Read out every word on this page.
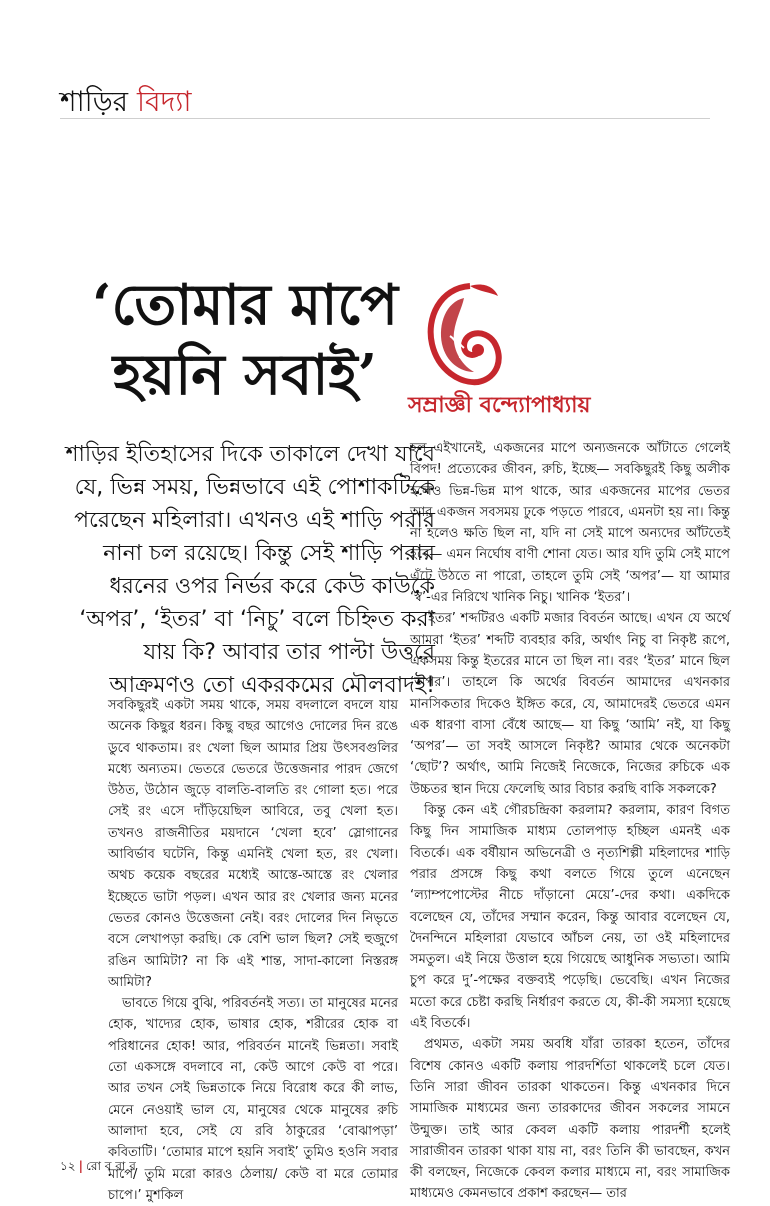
শাড়ির বিদ্যা
‘তোমার মাপে হয়নি সবাই’	সম্রাজ্ঞী বন্দ্যোপাধ্যায়
শাড়ির ইতিহাসের দিকে তাকালে দেখা যাবে যে, ভিন্ন সময়, ভিন্নভাবে এই পোশাকটিকে পরেছেন মহিলারা। এখনও এই শাড়ি পরার নানা চল রয়েছে। কিন্তু সেই শাড়ি পরার ধরনের ওপর নির্ভর করে কেউ কাউকে ‘অপর’, ‘ইতর’ বা ‘নিচু’ বলে চিহ্নিত করা যায় কি? আবার তার পাল্টা উত্তরে আক্রমণও তো একরকমের মৌলবাদই!

সবকিছুরই একটা সময় থাকে, সময় বদলালে বদলে যায় অনেক কিছুর ধরন। কিছু বছর আগেও দোলের দিন রঙে ডুবে থাকতাম। রং খেলা ছিল আমার প্রিয় উৎসবগুলির মধ্যে অন্যতম। ভেতরে ভেতরে উত্তেজনার পারদ জেগে উঠত, উঠোন জুড়ে বালতি-বালতি রং গোলা হত। পরে সেই রং এসে দাঁড়িয়েছিল আবিরে, তবু খেলা হত। তখনও রাজনীতির ময়দানে ‘খেলা হবে’ স্লোগানের আবির্ভাব ঘটেনি, কিন্তু এমনিই খেলা হত, রং খেলা। অথচ কয়েক বছরের মধ্যেই আস্তে-আস্তে রং খেলার ইচ্ছেতে ভাটা পড়ল। এখন আর রং খেলার জন্য মনের ভেতর কোনও উত্তেজনা নেই। বরং দোলের দিন নিভৃতে বসে লেখাপড়া করছি। কে বেশি ভাল ছিল? সেই হুজুগে রঙিন আমিটা? না কি এই শান্ত, সাদা-কালো নিস্তরঙ্গ আমিটা?

ভাবতে গিয়ে বুঝি, পরিবর্তনই সত্য। তা মানুষের মনের হোক, খাদ্যের হোক, ভাষার হোক, শরীরের হোক বা পরিধানের হোক! আর, পরিবর্তন মানেই ভিন্নতা। সবাই তো একসঙ্গে বদলাবে না, কেউ আগে কেউ বা পরে। আর তখন সেই ভিন্নতাকে নিয়ে বিরোধ করে কী লাভ, মেনে নেওয়াই ভাল যে, মানুষের থেকে মানুষের রুচি আলাদা হবে, সেই যে রবি ঠাকুরের ‘বোঝাপড়া’ কবিতাটি। ‘তোমার মাপে হয়নি সবাই’ তুমিও হওনি সবার মাপে/ তুমি মরো কারও ঠেলায়/ কেউ বা মরে তোমার চাপে।’ মুশকিল

হল এইখানেই, একজনের মাপে অন্যজনকে আঁটাতে গেলেই বিপদ! প্রত্যেকের জীবন, রুচি, ইচ্ছে— সবকিছুরই কিছু অলীক হলেও ভিন্ন-ভিন্ন মাপ থাকে, আর একজনের মাপের ভেতর আর একজন সবসময় ঢুকে পড়তে পারবে, এমনটা হয় না। কিন্তু না হলেও ক্ষতি ছিল না, যদি না সেই মাপে অন্যদের আঁটতেই হবে— এমন নির্ঘোষ বাণী শোনা যেত। আর যদি তুমি সেই মাপে এঁটে উঠতে না পারো, তাহলে তুমি সেই ‘অপর’— যা আমার ‘স্ব’-এর নিরিখে খানিক নিচু। খানিক ‘ইতর’।

‘ইতর’ শব্দটিরও একটি মজার বিবর্তন আছে। এখন যে অর্থে আমরা ‘ইতর’ শব্দটি ব্যবহার করি, অর্থাৎ নিচু বা নিকৃষ্ট রূপে, একসময় কিন্তু ইতরের মানে তা ছিল না। বরং ‘ইতর’ মানে ছিল ‘অপর’। তাহলে কি অর্থের বিবর্তন আমাদের এখনকার মানসিকতার দিকেও ইঙ্গিত করে, যে, আমাদেরই ভেতরে এমন এক ধারণা বাসা বেঁধে আছে— যা কিছু ‘আমি’ নই, যা কিছু ‘অপর’— তা সবই আসলে নিকৃষ্ট? আমার থেকে অনেকটা ‘ছোট’? অর্থাৎ, আমি নিজেই নিজেকে, নিজের রুচিকে এক উচ্চতর স্থান দিয়ে ফেলেছি আর বিচার করছি বাকি সকলকে?

কিন্তু কেন এই গৌরচন্দ্রিকা করলাম? করলাম, কারণ বিগত কিছু দিন সামাজিক মাধ্যম তোলপাড় হচ্ছিল এমনই এক বিতর্কে। এক বর্ষীয়ান অভিনেত্রী ও নৃত্যশিল্পী মহিলাদের শাড়ি পরার প্রসঙ্গে কিছু কথা বলতে গিয়ে তুলে এনেছেন ‘ল্যাম্পপোস্টের নীচে দাঁড়ানো মেয়ে’-দের কথা। একদিকে বলেছেন যে, তাঁদের সম্মান করেন, কিন্তু আবার বলেছেন যে, দৈনন্দিনে মহিলারা যেভাবে আঁচল নেয়, তা ওই মহিলাদের সমতুল। এই নিয়ে উত্তাল হয়ে গিয়েছে আধুনিক সভ্যতা। আমি চুপ করে দু’-পক্ষের বক্তব্যই পড়েছি। ভেবেছি। এখন নিজের মতো করে চেষ্টা করছি নির্ধারণ করতে যে, কী-কী সমস্যা হয়েছে এই বিতর্কে।

প্রথমত, একটা সময় অবধি যাঁরা তারকা হতেন, তাঁদের বিশেষ কোনও একটি কলায় পারদর্শিতা থাকলেই চলে যেত। তিনি সারা জীবন তারকা থাকতেন। কিন্তু এখনকার দিনে সামাজিক মাধ্যমের জন্য তারকাদের জীবন সকলের সামনে উন্মুক্ত। তাই আর কেবল একটি কলায় পারদর্শী হলেই সারাজীবন তারকা থাকা যায় না, বরং তিনি কী ভাবছেন, কখন কী বলছেন, নিজেকে কেবল কলার মাধ্যমে না, বরং সামাজিক মাধ্যমেও কেমনভাবে প্রকাশ করছেন— তার

১২ | রো ব বা র
